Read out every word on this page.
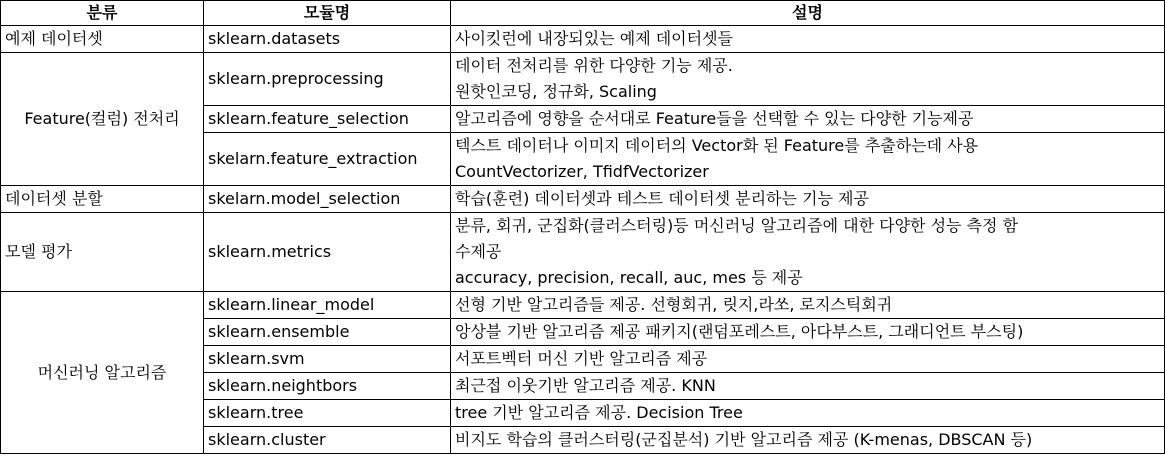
분류	모듈명	설명
예제 데이터셋	sklearn.datasets	사이킷런에 내장되있는 예제 데이터셋들

Feature(컬럼) 전처리	sklearn.preprocessing	데이터 전처리를 위한 다양한 기능 제공.
원핫인코딩, 정규화, Scaling

	sklearn.feature_selection	알고리즘에 영향을 순서대로 Feature들을 선택할 수 있는 다양한 기능제공

	skelarn.feature_extraction	텍스트 데이터나 이미지 데이터의 Vector화 된 Feature를 추출하는데 사용
CountVectorizer, TfidfVectorizer

데이터셋 분할	skelarn.model_selection	학습(훈련) 데이터셋과 테스트 데이터셋 분리하는 기능 제공

모델 평가	sklearn.metrics	분류, 회귀, 군집화(클러스터링)등 머신러닝 알고리즘에 대한 다양한 성능 측정 함
수제공
accuracy, precision, recall, auc, mes 등 제공

머신러닝 알고리즘	sklearn.linear_model	선형 기반 알고리즘들 제공. 선형회귀, 릿지,라쏘, 로지스틱회귀

	sklearn.ensemble	앙상블 기반 알고리즘 제공 패키지(랜덤포레스트, 아다부스트, 그래디언트 부스팅)

	sklearn.svm	서포트벡터 머신 기반 알고리즘 제공

	sklearn.neightbors	최근접 이웃기반 알고리즘 제공. KNN

	sklearn.tree	tree 기반 알고리즘 제공. Decision Tree

	sklearn.cluster	비지도 학습의 클러스터링(군집분석) 기반 알고리즘 제공 (K-menas, DBSCAN 등)
